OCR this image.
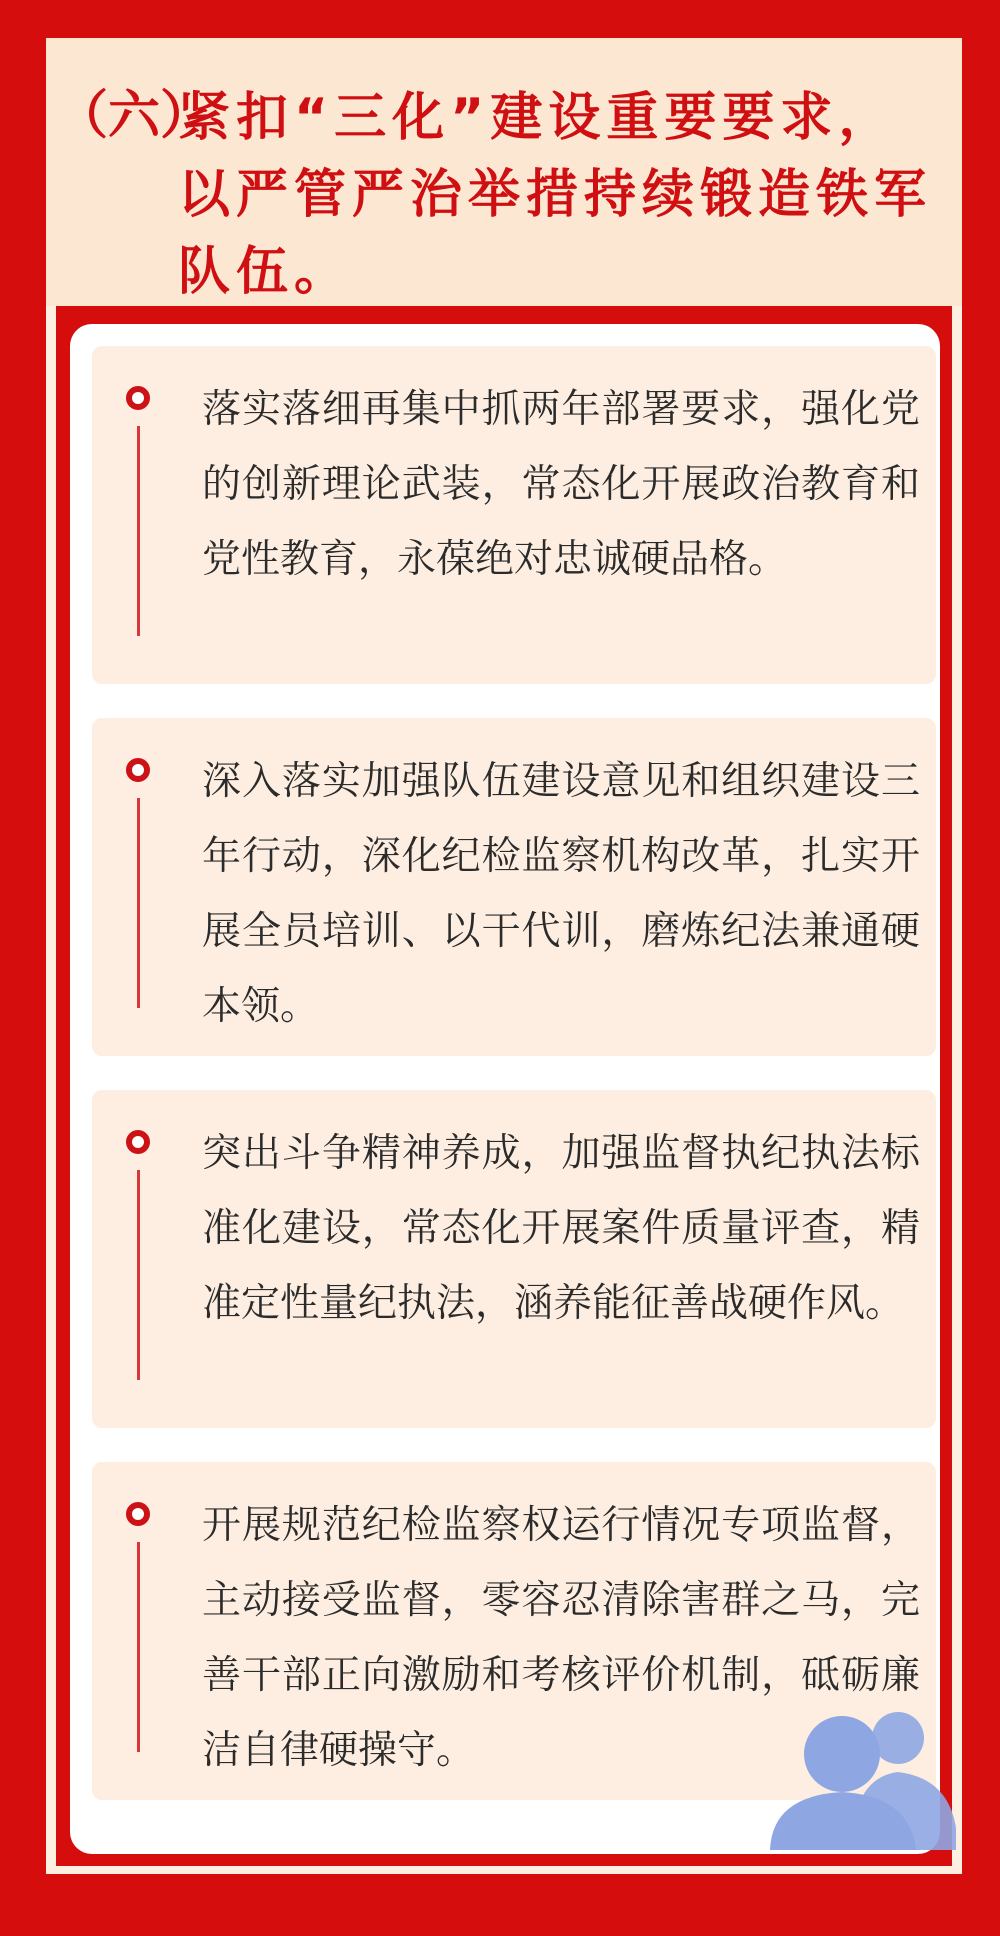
（六）
紧扣“三化”建设重要要求，以严管严治举措持续锻造铁军队伍。
落实落细再集中抓两年部署要求，强化党的创新理论武装，常态化开展政治教育和党性教育，永葆绝对忠诚硬品格。
深入落实加强队伍建设意见和组织建设三年行动，深化纪检监察机构改革，扎实开展全员培训、以干代训，磨炼纪法兼通硬本领。
突出斗争精神养成，加强监督执纪执法标准化建设，常态化开展案件质量评查，精准定性量纪执法，涵养能征善战硬作风。
开展规范纪检监察权运行情况专项监督，主动接受监督，零容忍清除害群之马，完善干部正向激励和考核评价机制，砥砺廉洁自律硬操守。
